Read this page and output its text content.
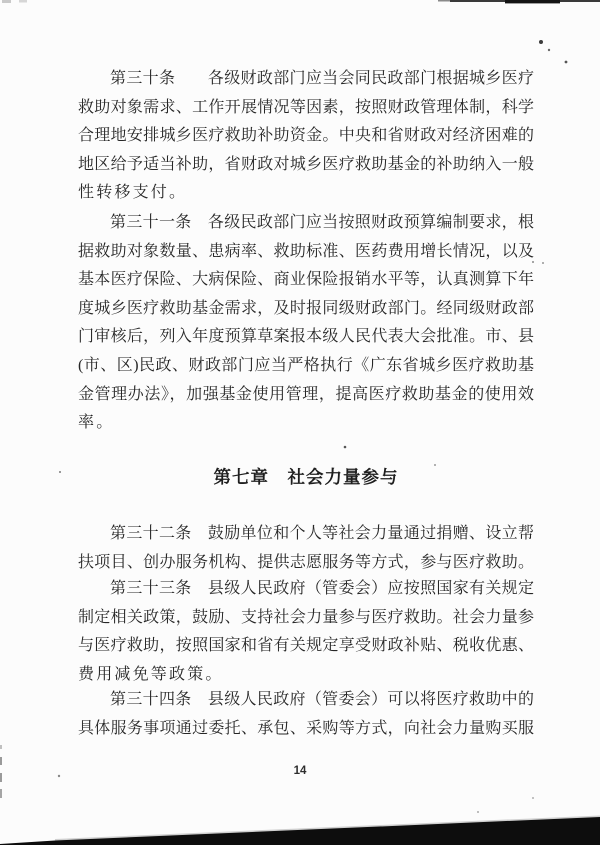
第三十条　　各级财政部门应当会同民政部门根据城乡医疗
救助对象需求、工作开展情况等因素，按照财政管理体制，科学
合理地安排城乡医疗救助补助资金。中央和省财政对经济困难的
地区给予适当补助，省财政对城乡医疗救助基金的补助纳入一般
性转移支付。
第三十一条　各级民政部门应当按照财政预算编制要求，根
据救助对象数量、患病率、救助标准、医药费用增长情况，以及
基本医疗保险、大病保险、商业保险报销水平等，认真测算下年
度城乡医疗救助基金需求，及时报同级财政部门。经同级财政部
门审核后，列入年度预算草案报本级人民代表大会批准。市、县
(市、区)民政、财政部门应当严格执行《广东省城乡医疗救助基
金管理办法》，加强基金使用管理，提高医疗救助基金的使用效
率。
第七章　社会力量参与
第三十二条　鼓励单位和个人等社会力量通过捐赠、设立帮
扶项目、创办服务机构、提供志愿服务等方式，参与医疗救助。
第三十三条　县级人民政府（管委会）应按照国家有关规定
制定相关政策，鼓励、支持社会力量参与医疗救助。社会力量参
与医疗救助，按照国家和省有关规定享受财政补贴、税收优惠、
费用减免等政策。
第三十四条　县级人民政府（管委会）可以将医疗救助中的
具体服务事项通过委托、承包、采购等方式，向社会力量购买服
14
